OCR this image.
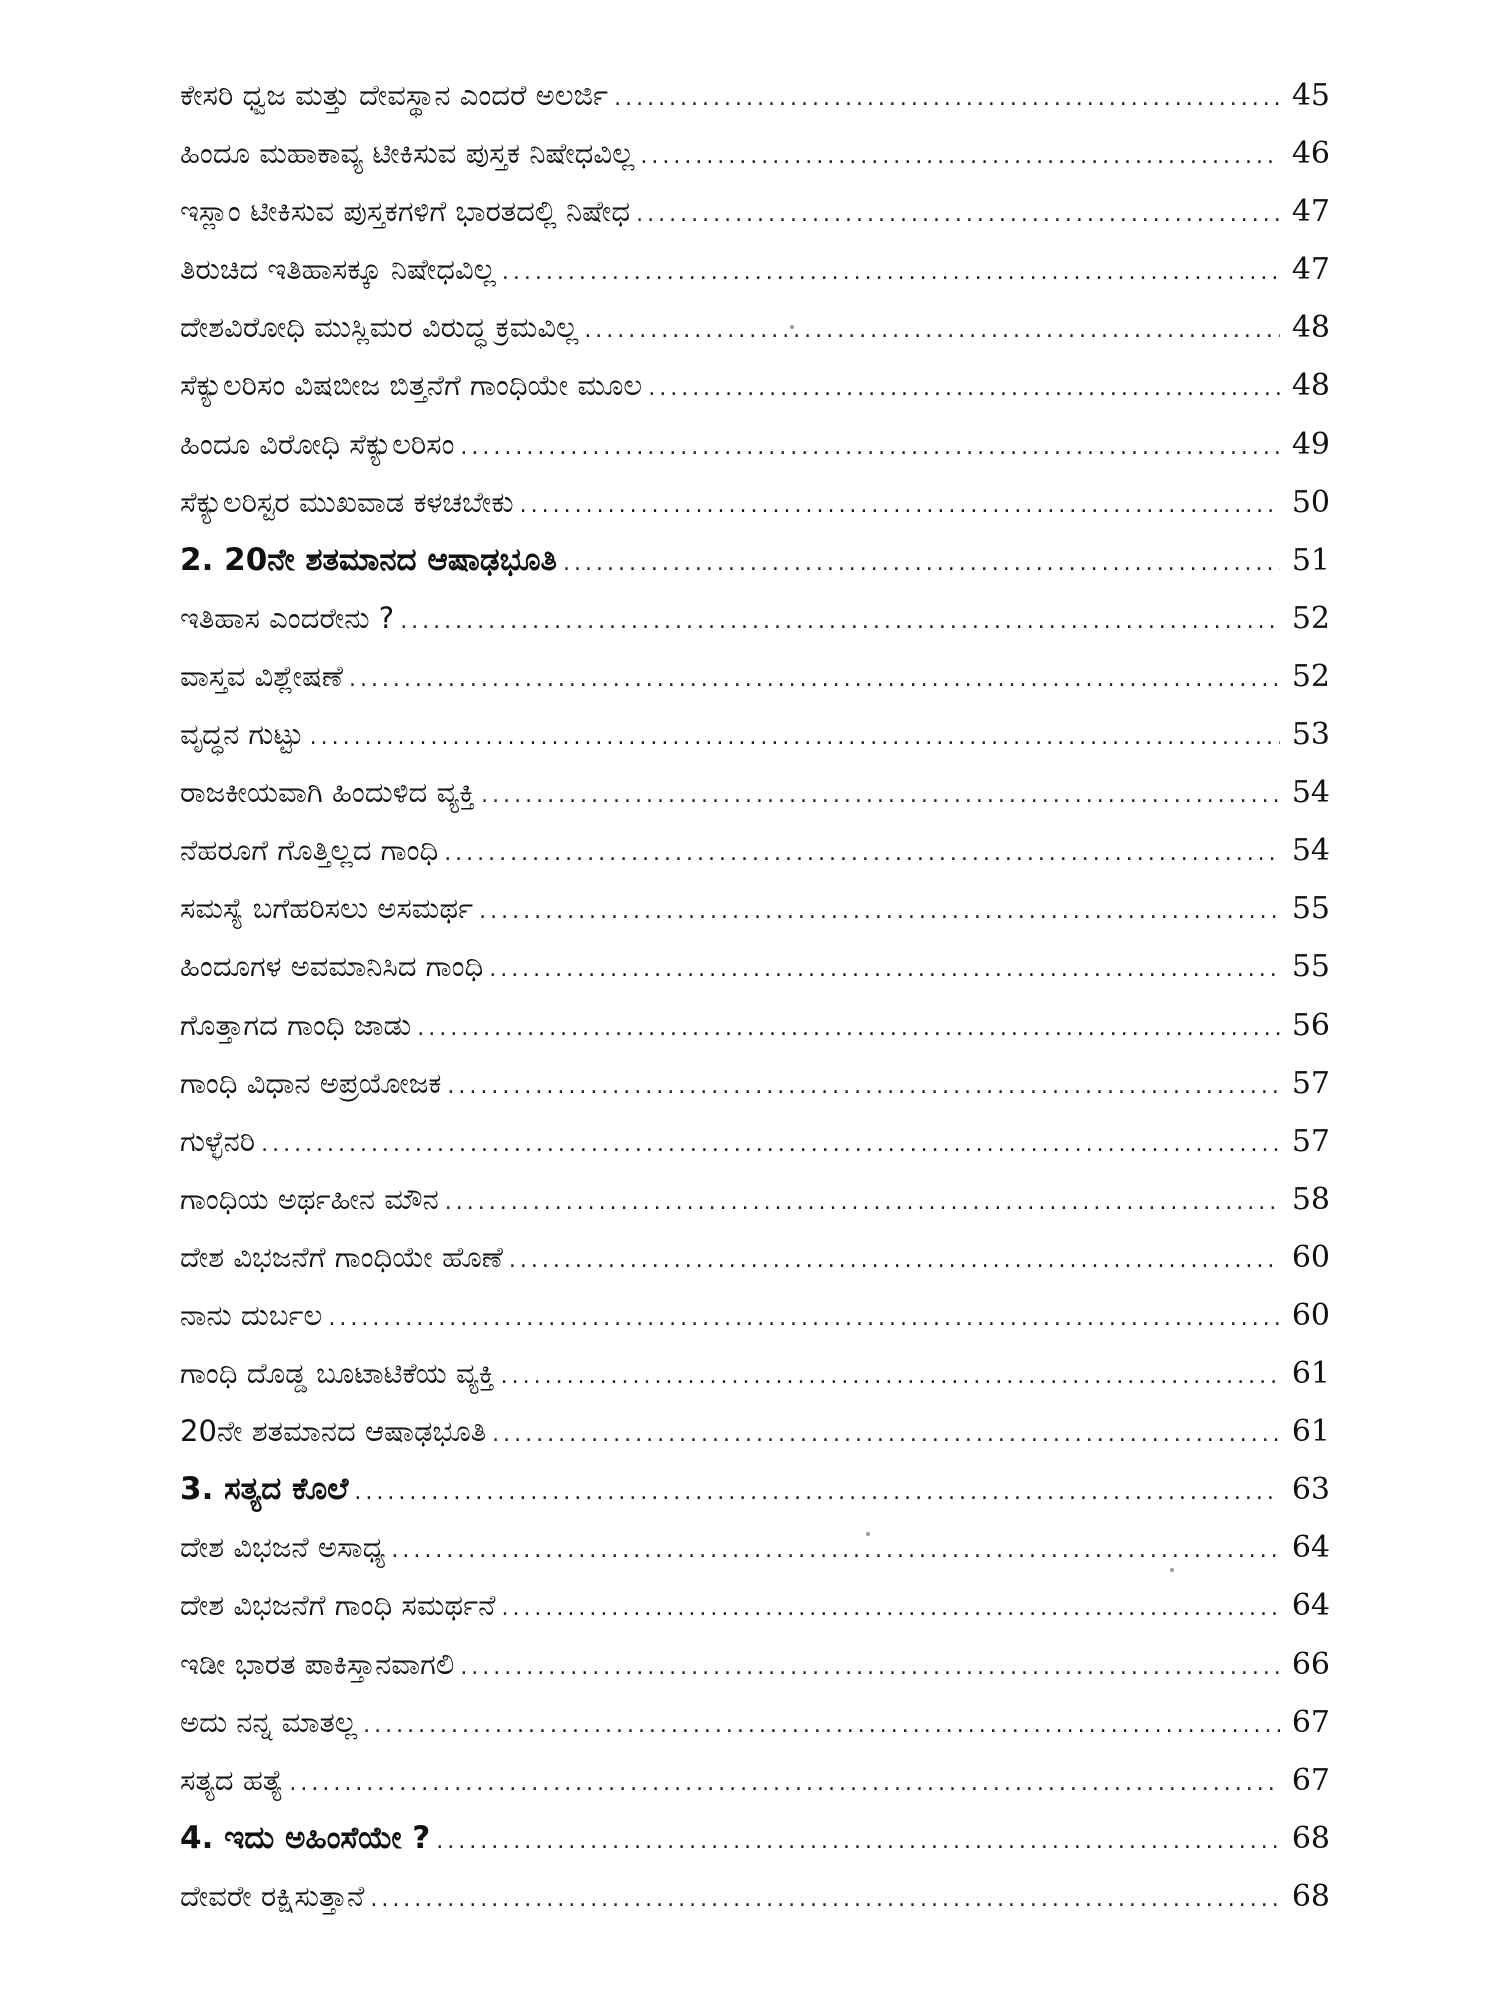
ಕೇಸರಿ ಧ್ವಜ ಮತ್ತು ದೇವಸ್ಥಾನ ಎಂದರೆ ಅಲರ್ಜಿ .....	45
ಹಿಂದೂ ಮಹಾಕಾವ್ಯ ಟೀಕಿಸುವ ಪುಸ್ತಕ ನಿಷೇಧವಿಲ್ಲ .....	46
ಇಸ್ಲಾಂ ಟೀಕಿಸುವ ಪುಸ್ತಕಗಳಿಗೆ ಭಾರತದಲ್ಲಿ ನಿಷೇಧ .....	47
ತಿರುಚಿದ ಇತಿಹಾಸಕ್ಕೂ ನಿಷೇಧವಿಲ್ಲ .....	47
ದೇಶವಿರೋಧಿ ಮುಸ್ಲಿಮರ ವಿರುದ್ಧ ಕ್ರಮವಿಲ್ಲ .....	48
ಸೆಕ್ಯುಲರಿಸಂ ವಿಷಬೀಜ ಬಿತ್ತನೆಗೆ ಗಾಂಧಿಯೇ ಮೂಲ .....	48
ಹಿಂದೂ ವಿರೋಧಿ ಸೆಕ್ಯುಲರಿಸಂ .....	49
ಸೆಕ್ಯುಲರಿಸ್ಟರ ಮುಖವಾಡ ಕಳಚಬೇಕು .....	50
2. 20ನೇ ಶತಮಾನದ ಆಷಾಢಭೂತಿ .....	51
ಇತಿಹಾಸ ಎಂದರೇನು ? .....	52
ವಾಸ್ತವ ವಿಶ್ಲೇಷಣೆ .....	52
ವೃದ್ಧನ ಗುಟ್ಟು .....	53
ರಾಜಕೀಯವಾಗಿ ಹಿಂದುಳಿದ ವ್ಯಕ್ತಿ .....	54
ನೆಹರೂಗೆ ಗೊತ್ತಿಲ್ಲದ ಗಾಂಧಿ .....	54
ಸಮಸ್ಯೆ ಬಗೆಹರಿಸಲು ಅಸಮರ್ಥ .....	55
ಹಿಂದೂಗಳ ಅವಮಾನಿಸಿದ ಗಾಂಧಿ .....	55
ಗೊತ್ತಾಗದ ಗಾಂಧಿ ಜಾಡು .....	56
ಗಾಂಧಿ ವಿಧಾನ ಅಪ್ರಯೋಜಕ .....	57
ಗುಳ್ಳೆನರಿ .....	57
ಗಾಂಧಿಯ ಅರ್ಥಹೀನ ಮೌನ .....	58
ದೇಶ ವಿಭಜನೆಗೆ ಗಾಂಧಿಯೇ ಹೊಣೆ .....	60
ನಾನು ದುರ್ಬಲ .....	60
ಗಾಂಧಿ ದೊಡ್ಡ ಬೂಟಾಟಿಕೆಯ ವ್ಯಕ್ತಿ .....	61
20ನೇ ಶತಮಾನದ ಆಷಾಢಭೂತಿ .....	61
3. ಸತ್ಯದ ಕೊಲೆ .....	63
ದೇಶ ವಿಭಜನೆ ಅಸಾಧ್ಯ .....	64
ದೇಶ ವಿಭಜನೆಗೆ ಗಾಂಧಿ ಸಮರ್ಥನೆ .....	64
ಇಡೀ ಭಾರತ ಪಾಕಿಸ್ತಾನವಾಗಲಿ .....	66
ಅದು ನನ್ನ ಮಾತಲ್ಲ .....	67
ಸತ್ಯದ ಹತ್ಯೆ .....	67
4. ಇದು ಅಹಿಂಸೆಯೇ ? .....	68
ದೇವರೇ ರಕ್ಷಿಸುತ್ತಾನೆ .....	68
